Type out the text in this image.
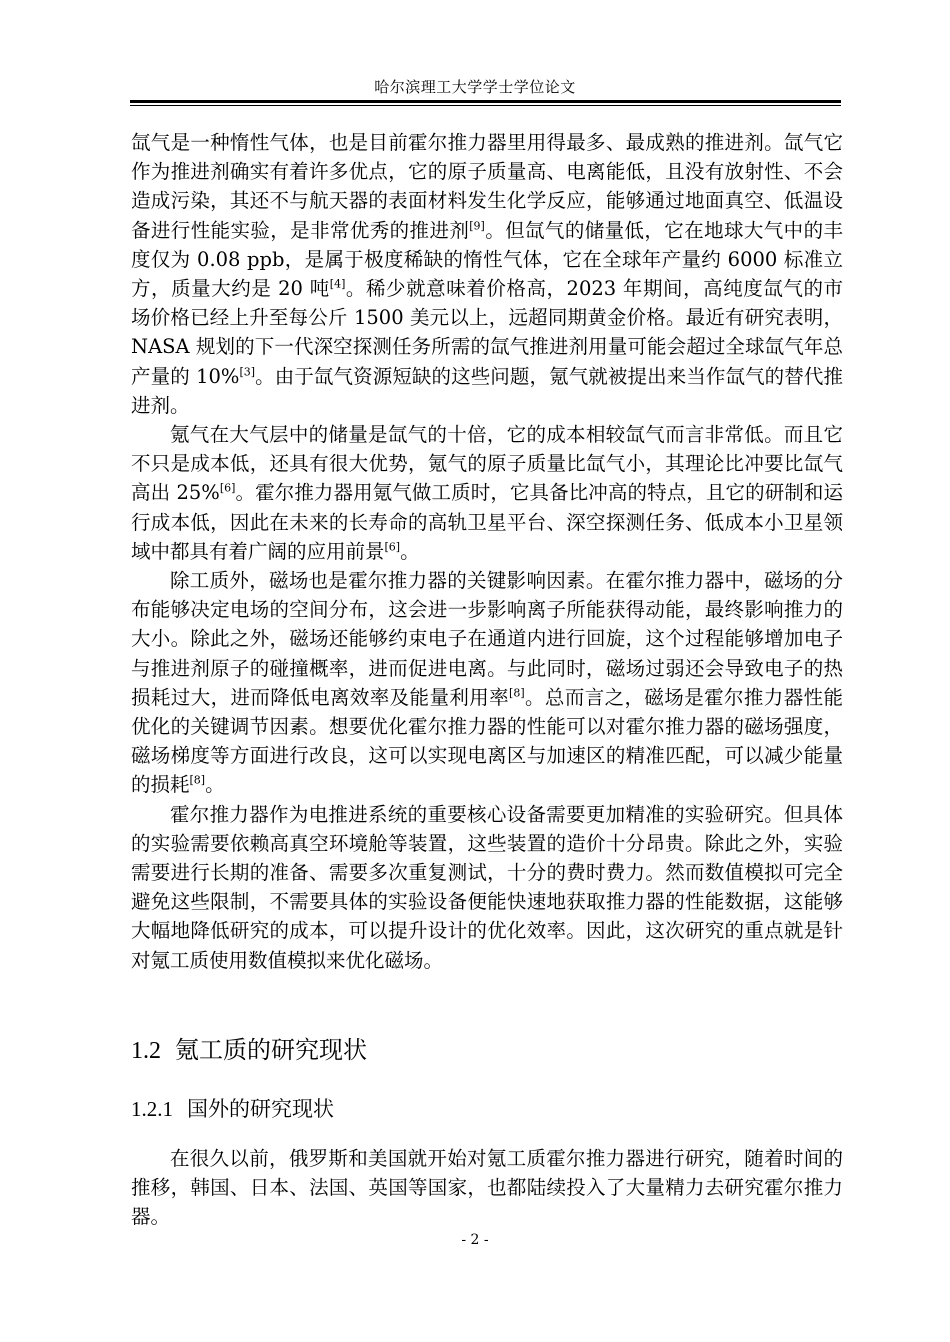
哈尔滨理工大学学士学位论文

氙气是一种惰性气体，也是目前霍尔推力器里用得最多、最成熟的推进剂。氙气它作为推进剂确实有着许多优点，它的原子质量高、电离能低，且没有放射性、不会造成污染，其还不与航天器的表面材料发生化学反应，能够通过地面真空、低温设备进行性能实验，是非常优秀的推进剂[9]。但氙气的储量低，它在地球大气中的丰度仅为 0.08 ppb，是属于极度稀缺的惰性气体，它在全球年产量约 6000 标准立方，质量大约是 20 吨[4]。稀少就意味着价格高，2023 年期间，高纯度氙气的市场价格已经上升至每公斤 1500 美元以上，远超同期黄金价格。最近有研究表明，NASA 规划的下一代深空探测任务所需的氙气推进剂用量可能会超过全球氙气年总产量的 10%[3]。由于氙气资源短缺的这些问题，氪气就被提出来当作氙气的替代推进剂。

氪气在大气层中的储量是氙气的十倍，它的成本相较氙气而言非常低。而且它不只是成本低，还具有很大优势，氪气的原子质量比氙气小，其理论比冲要比氙气高出 25%[6]。霍尔推力器用氪气做工质时，它具备比冲高的特点，且它的研制和运行成本低，因此在未来的长寿命的高轨卫星平台、深空探测任务、低成本小卫星领域中都具有着广阔的应用前景[6]。

除工质外，磁场也是霍尔推力器的关键影响因素。在霍尔推力器中，磁场的分布能够决定电场的空间分布，这会进一步影响离子所能获得动能，最终影响推力的大小。除此之外，磁场还能够约束电子在通道内进行回旋，这个过程能够增加电子与推进剂原子的碰撞概率，进而促进电离。与此同时，磁场过弱还会导致电子的热损耗过大，进而降低电离效率及能量利用率[8]。总而言之，磁场是霍尔推力器性能优化的关键调节因素。想要优化霍尔推力器的性能可以对霍尔推力器的磁场强度，磁场梯度等方面进行改良，这可以实现电离区与加速区的精准匹配，可以减少能量的损耗[8]。

霍尔推力器作为电推进系统的重要核心设备需要更加精准的实验研究。但具体的实验需要依赖高真空环境舱等装置，这些装置的造价十分昂贵。除此之外，实验需要进行长期的准备、需要多次重复测试，十分的费时费力。然而数值模拟可完全避免这些限制，不需要具体的实验设备便能快速地获取推力器的性能数据，这能够大幅地降低研究的成本，可以提升设计的优化效率。因此，这次研究的重点就是针对氪工质使用数值模拟来优化磁场。

1.2 氪工质的研究现状
1.2.1 国外的研究现状

在很久以前，俄罗斯和美国就开始对氪工质霍尔推力器进行研究，随着时间的推移，韩国、日本、法国、英国等国家，也都陆续投入了大量精力去研究霍尔推力器。

- 2 -
